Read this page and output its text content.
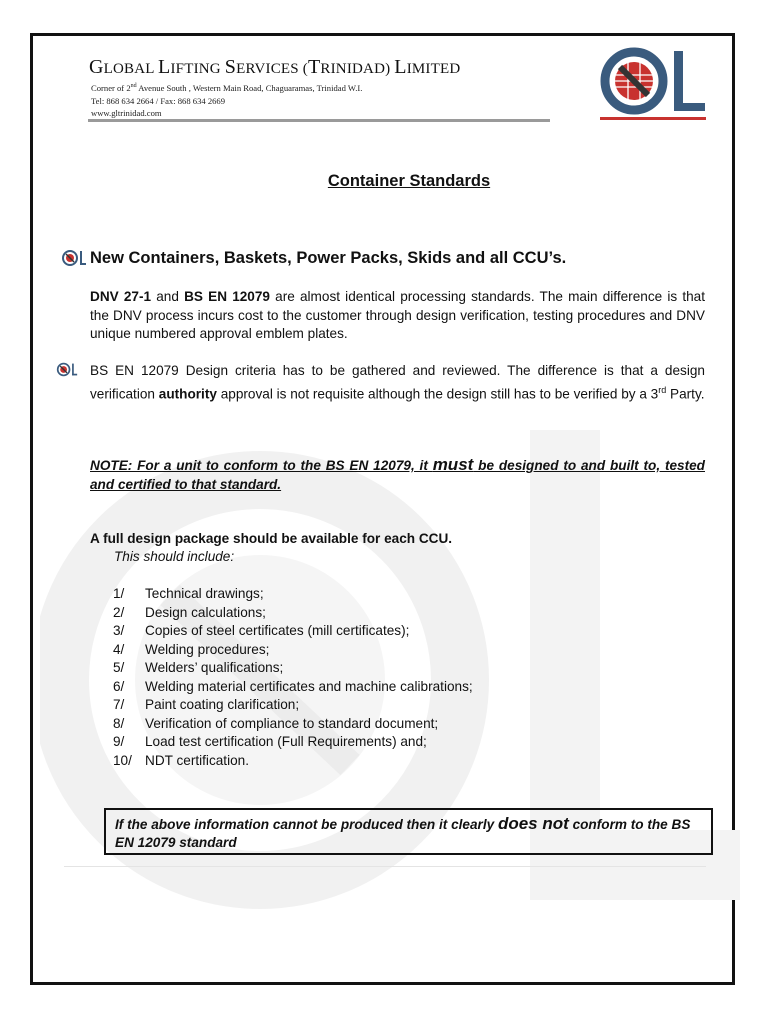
GLOBAL LIFTING SERVICES (TRINIDAD) LIMITED
Corner of 2nd Avenue South , Western Main Road, Chaguaramas, Trinidad W.I.
Tel: 868 634 2664 / Fax: 868 634 2669
www.gltrinidad.com
Container Standards
New Containers, Baskets, Power Packs, Skids and all CCU’s.
DNV 27-1 and BS EN 12079 are almost identical processing standards. The main difference is that the DNV process incurs cost to the customer through design verification, testing procedures and DNV unique numbered approval emblem plates.
BS EN 12079 Design criteria has to be gathered and reviewed. The difference is that a design verification authority approval is not requisite although the design still has to be verified by a 3rd Party.
NOTE: For a unit to conform to the BS EN 12079, it must be designed to and built to, tested and certified to that standard.
A full design package should be available for each CCU.
This should include:
1/	Technical drawings;
2/	Design calculations;
3/	Copies of steel certificates (mill certificates);
4/	Welding procedures;
5/	Welders’ qualifications;
6/	Welding material certificates and machine calibrations;
7/	Paint coating clarification;
8/	Verification of compliance to standard document;
9/	Load test certification (Full Requirements) and;
10/ NDT certification.
If the above information cannot be produced then it clearly does not conform to the BS EN 12079 standard
